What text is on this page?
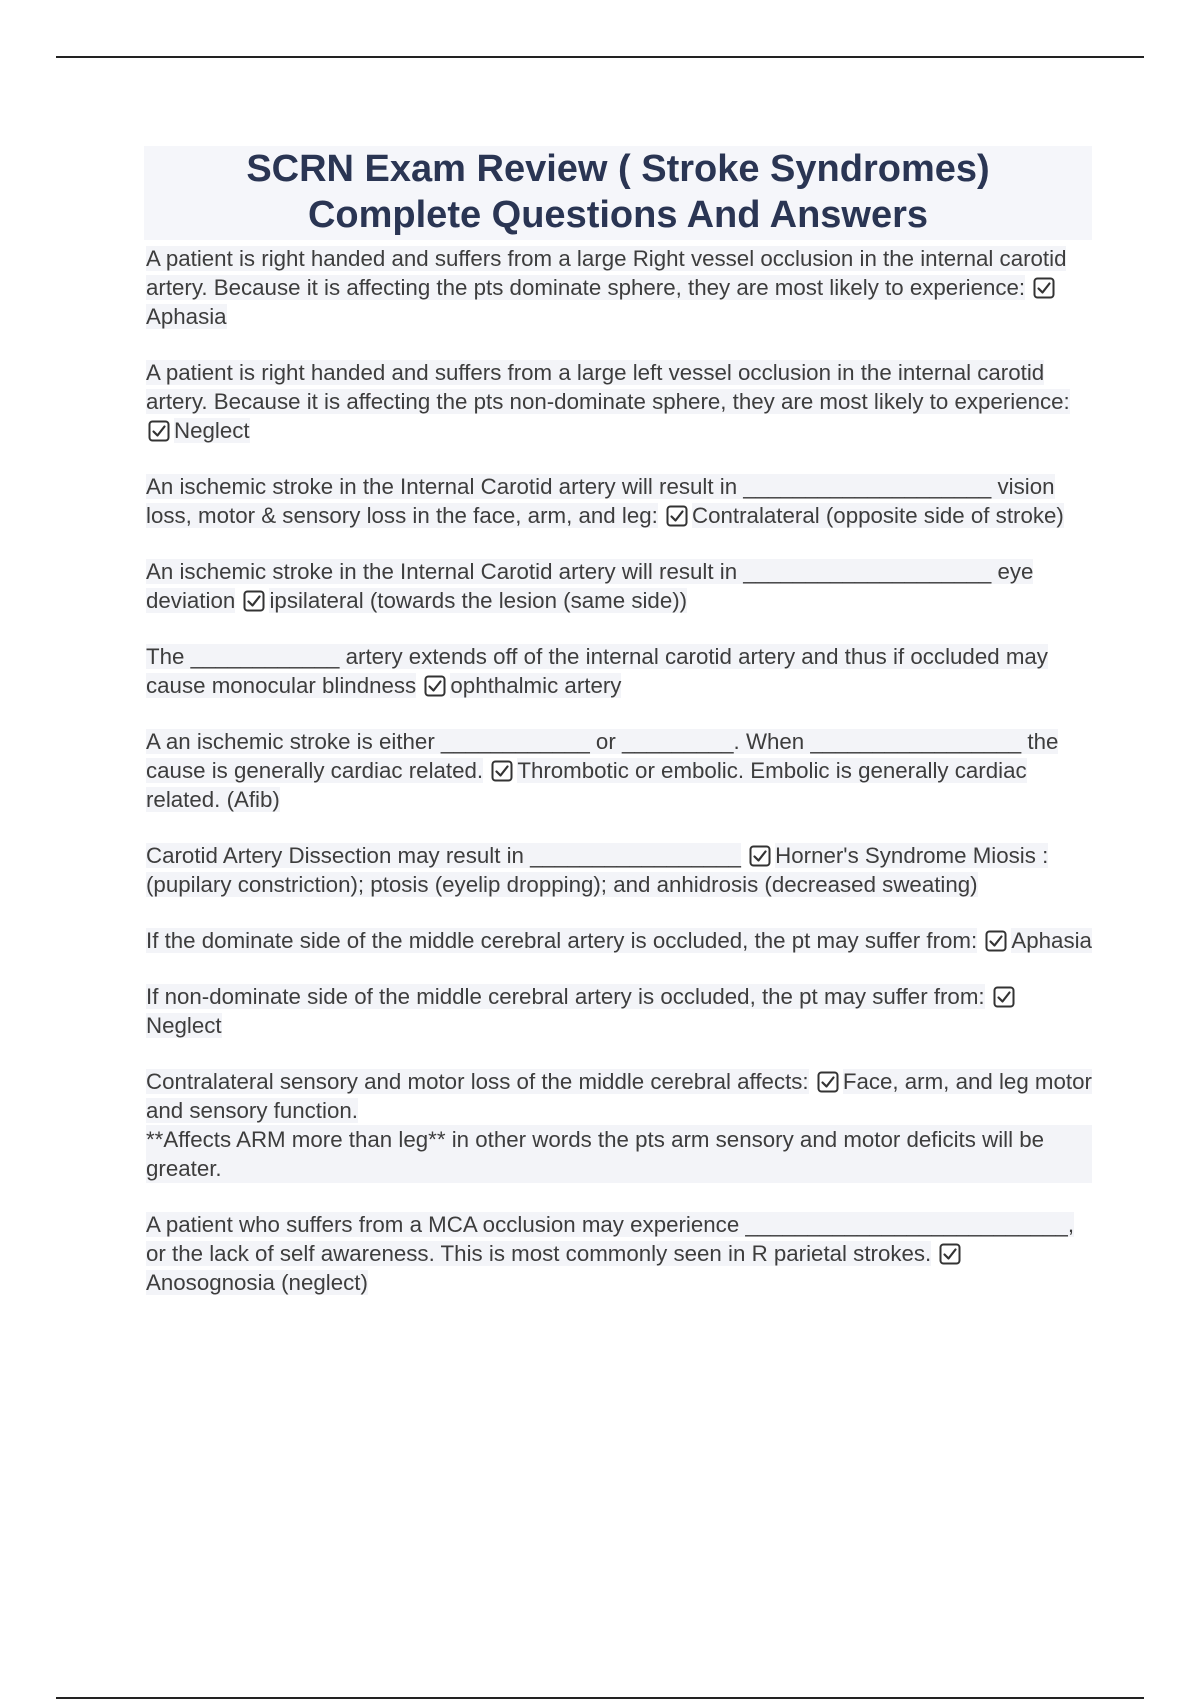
SCRN Exam Review ( Stroke Syndromes)
Complete Questions And Answers

A patient is right handed and suffers from a large Right vessel occlusion in the internal carotid artery. Because it is affecting the pts dominate sphere, they are most likely to experience: Aphasia

A patient is right handed and suffers from a large left vessel occlusion in the internal carotid artery. Because it is affecting the pts non-dominate sphere, they are most likely to experience: Neglect

An ischemic stroke in the Internal Carotid artery will result in ____________________ vision loss, motor & sensory loss in the face, arm, and leg: Contralateral (opposite side of stroke)

An ischemic stroke in the Internal Carotid artery will result in ____________________ eye deviation ipsilateral (towards the lesion (same side))

The ____________ artery extends off of the internal carotid artery and thus if occluded may cause monocular blindness ophthalmic artery

A an ischemic stroke is either ____________ or _________. When _________________ the cause is generally cardiac related. Thrombotic or embolic. Embolic is generally cardiac related. (Afib)

Carotid Artery Dissection may result in _________________ Horner's Syndrome Miosis : (pupilary constriction); ptosis (eyelip dropping); and anhidrosis (decreased sweating)

If the dominate side of the middle cerebral artery is occluded, the pt may suffer from: Aphasia

If non-dominate side of the middle cerebral artery is occluded, the pt may suffer from: Neglect

Contralateral sensory and motor loss of the middle cerebral affects: Face, arm, and leg motor and sensory function.
**Affects ARM more than leg** in other words the pts arm sensory and motor deficits will be greater.

A patient who suffers from a MCA occlusion may experience __________________________, or the lack of self awareness. This is most commonly seen in R parietal strokes. Anosognosia (neglect)
